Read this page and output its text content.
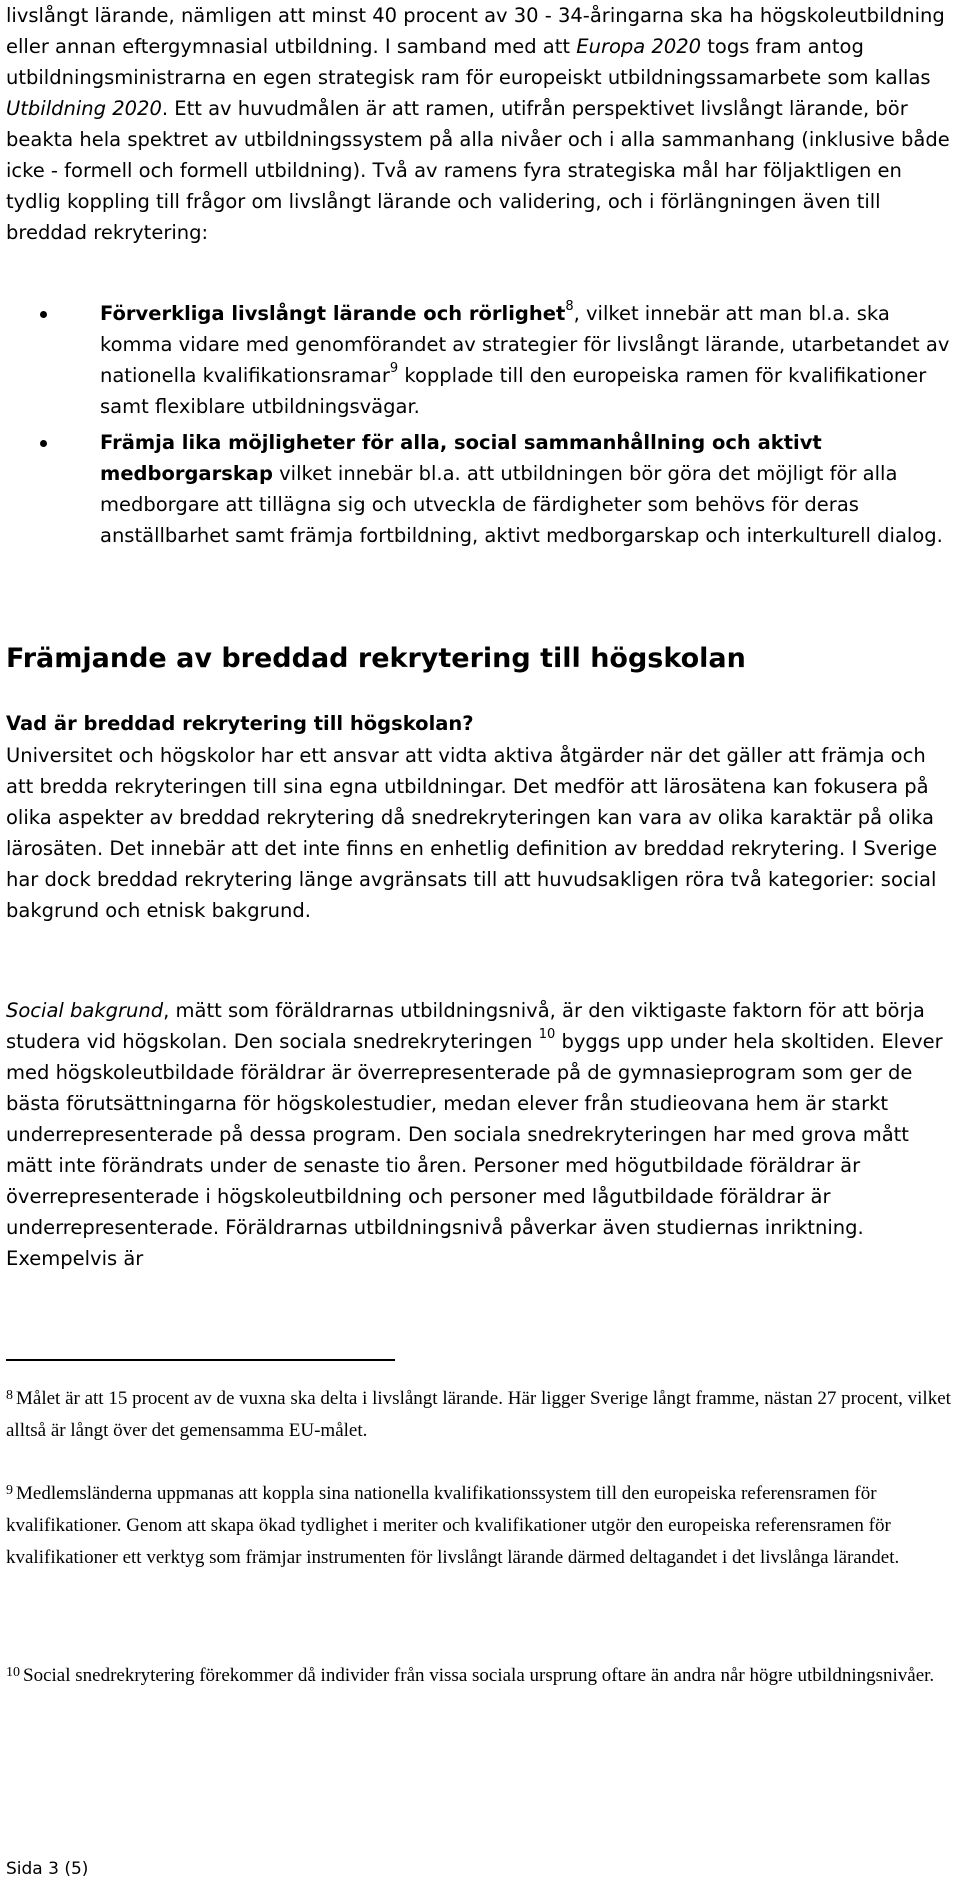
livslångt lärande, nämligen att minst 40 procent av 30 - 34-åringarna ska ha högskoleutbildning eller annan eftergymnasial utbildning. I samband med att Europa 2020 togs fram antog utbildningsministrarna en egen strategisk ram för europeiskt utbildningssamarbete som kallas Utbildning 2020. Ett av huvudmålen är att ramen, utifrån perspektivet livslångt lärande, bör beakta hela spektret av utbildningssystem på alla nivåer och i alla sammanhang (inklusive både icke - formell och formell utbildning). Två av ramens fyra strategiska mål har följaktligen en tydlig koppling till frågor om livslångt lärande och validering, och i förlängningen även till breddad rekrytering:

Förverkliga livslångt lärande och rörlighet$^8$, vilket innebär att man bl.a. ska komma vidare med genomförandet av strategier för livslångt lärande, utarbetandet av nationella kvalifikationsramar$^9$ kopplade till den europeiska ramen för kvalifikationer samt flexiblare utbildningsvägar.
Främja lika möjligheter för alla, social sammanhållning och aktivt medborgarskap vilket innebär bl.a. att utbildningen bör göra det möjligt för alla medborgare att tillägna sig och utveckla de färdigheter som behövs för deras anställbarhet samt främja fortbildning, aktivt medborgarskap och interkulturell dialog.
Främjande av breddad rekrytering till högskolan
Vad är breddad rekrytering till högskolan?

Universitet och högskolor har ett ansvar att vidta aktiva åtgärder när det gäller att främja och att bredda rekryteringen till sina egna utbildningar. Det medför att lärosätena kan fokusera på olika aspekter av breddad rekrytering då snedrekryteringen kan vara av olika karaktär på olika lärosäten. Det innebär att det inte finns en enhetlig definition av breddad rekrytering. I Sverige har dock breddad rekrytering länge avgränsats till att huvudsakligen röra två kategorier: social bakgrund och etnisk bakgrund.

Social bakgrund, mätt som föräldrarnas utbildningsnivå, är den viktigaste faktorn för att börja studera vid högskolan. Den sociala snedrekryteringen $^{10}$ byggs upp under hela skoltiden. Elever med högskoleutbildade föräldrar är överrepresenterade på de gymnasieprogram som ger de bästa förutsättningarna för högskolestudier, medan elever från studieovana hem är starkt underrepresenterade på dessa program. Den sociala snedrekryteringen har med grova mått mätt inte förändrats under de senaste tio åren. Personer med högutbildade föräldrar är överrepresenterade i högskoleutbildning och personer med lågutbildade föräldrar är underrepresenterade. Föräldrarnas utbildningsnivå påverkar även studiernas inriktning. Exempelvis är

$^8$ Målet är att 15 procent av de vuxna ska delta i livslångt lärande. Här ligger Sverige långt framme, nästan 27 procent, vilket alltså är långt över det gemensamma EU-målet.

$^9$ Medlemsländerna uppmanas att koppla sina nationella kvalifikationssystem till den europeiska referensramen för kvalifikationer. Genom att skapa ökad tydlighet i meriter och kvalifikationer utgör den europeiska referensramen för kvalifikationer ett verktyg som främjar instrumenten för livslångt lärande därmed deltagandet i det livslånga lärandet.

$^{10}$ Social snedrekrytering förekommer då individer från vissa sociala ursprung oftare än andra når högre utbildningsnivåer.

Sida 3 (5)
